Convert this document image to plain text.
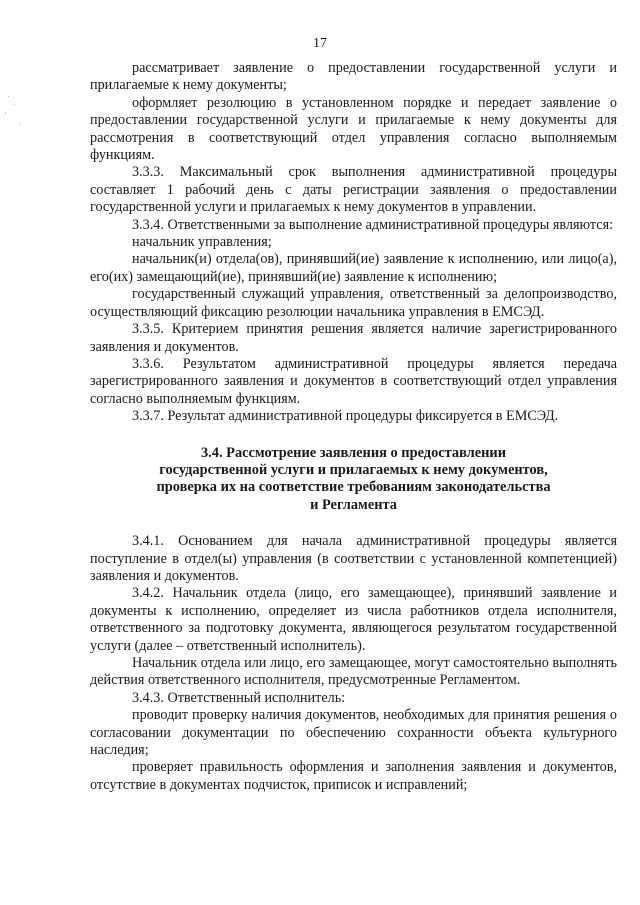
17

рассматривает заявление о предоставлении государственной услуги и прилагаемые к нему документы;

оформляет резолюцию в установленном порядке и передает заявление о предоставлении государственной услуги и прилагаемые к нему документы для рассмотрения в соответствующий отдел управления согласно выполняемым функциям.

3.3.3. Максимальный срок выполнения административной процедуры составляет 1 рабочий день с даты регистрации заявления о предоставлении государственной услуги и прилагаемых к нему документов в управлении.

3.3.4. Ответственными за выполнение административной процедуры являются:

начальник управления;

начальник(и) отдела(ов), принявший(ие) заявление к исполнению, или лицо(а), его(их) замещающий(ие), принявший(ие) заявление к исполнению;

государственный служащий управления, ответственный за делопроизводство, осуществляющий фиксацию резолюции начальника управления в ЕМСЭД.

3.3.5. Критерием принятия решения является наличие зарегистрированного заявления и документов.

3.3.6. Результатом административной процедуры является передача зарегистрированного заявления и документов в соответствующий отдел управления согласно выполняемым функциям.

3.3.7. Результат административной процедуры фиксируется в ЕМСЭД.

3.4. Рассмотрение заявления о предоставлении
государственной услуги и прилагаемых к нему документов,
проверка их на соответствие требованиям законодательства
и Регламента

3.4.1. Основанием для начала административной процедуры является поступление в отдел(ы) управления (в соответствии с установленной компетенцией) заявления и документов.

3.4.2. Начальник отдела (лицо, его замещающее), принявший заявление и документы к исполнению, определяет из числа работников отдела исполнителя, ответственного за подготовку документа, являющегося результатом государственной услуги (далее – ответственный исполнитель).

Начальник отдела или лицо, его замещающее, могут самостоятельно выполнять действия ответственного исполнителя, предусмотренные Регламентом.

3.4.3. Ответственный исполнитель:

проводит проверку наличия документов, необходимых для принятия решения о согласовании документации по обеспечению сохранности объекта культурного наследия;

проверяет правильность оформления и заполнения заявления и документов, отсутствие в документах подчисток, приписок и исправлений;
